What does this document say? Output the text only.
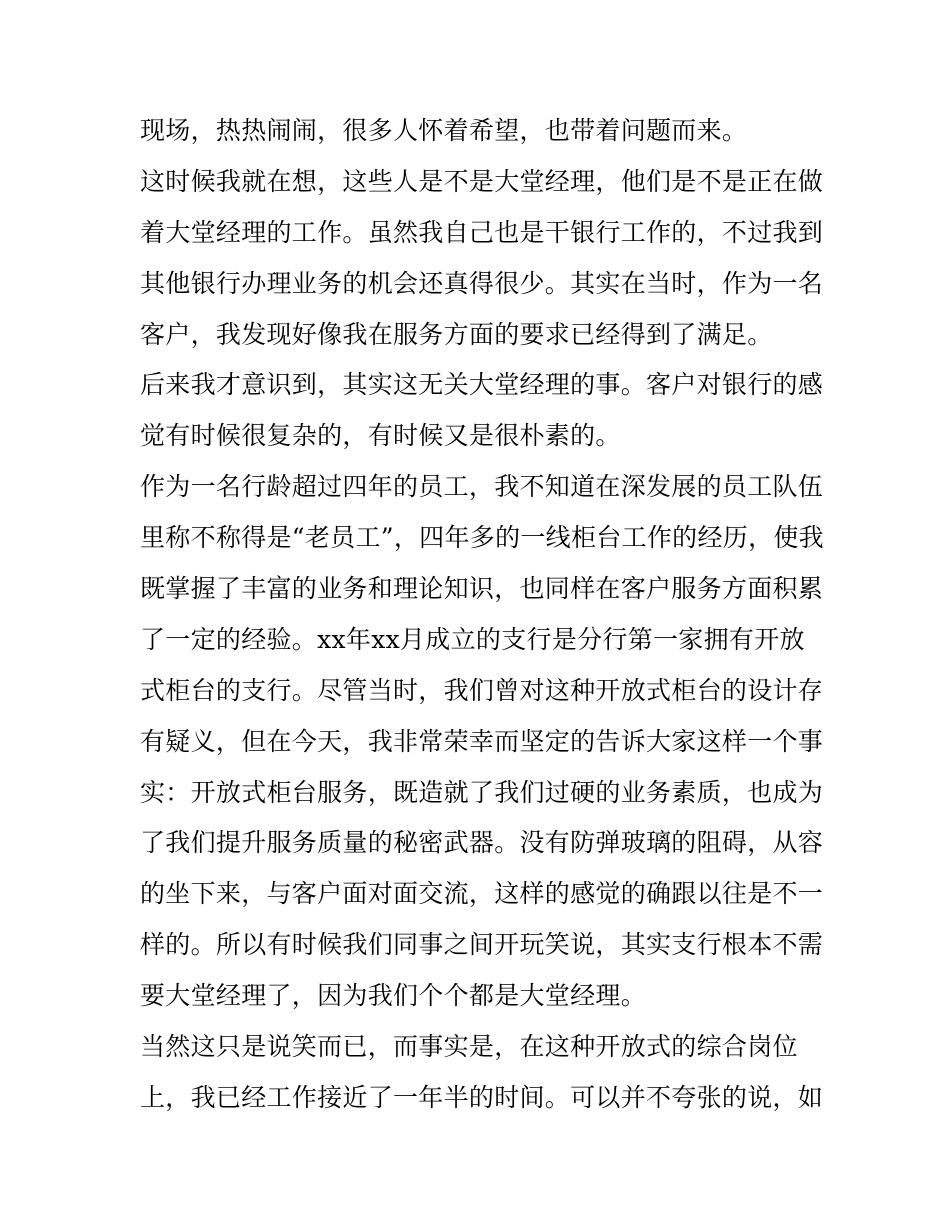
现场，热热闹闹，很多人怀着希望，也带着问题而来。
这时候我就在想，这些人是不是大堂经理，他们是不是正在做
着大堂经理的工作。虽然我自己也是干银行工作的，不过我到
其他银行办理业务的机会还真得很少。其实在当时，作为一名
客户，我发现好像我在服务方面的要求已经得到了满足。
后来我才意识到，其实这无关大堂经理的事。客户对银行的感
觉有时候很复杂的，有时候又是很朴素的。
作为一名行龄超过四年的员工，我不知道在深发展的员工队伍
里称不称得是“老员工”，四年多的一线柜台工作的经历，使我
既掌握了丰富的业务和理论知识，也同样在客户服务方面积累
了一定的经验。xx年xx月成立的支行是分行第一家拥有开放
式柜台的支行。尽管当时，我们曾对这种开放式柜台的设计存
有疑义，但在今天，我非常荣幸而坚定的告诉大家这样一个事
实：开放式柜台服务，既造就了我们过硬的业务素质，也成为
了我们提升服务质量的秘密武器。没有防弹玻璃的阻碍，从容
的坐下来，与客户面对面交流，这样的感觉的确跟以往是不一
样的。所以有时候我们同事之间开玩笑说，其实支行根本不需
要大堂经理了，因为我们个个都是大堂经理。
当然这只是说笑而已，而事实是，在这种开放式的综合岗位
上，我已经工作接近了一年半的时间。可以并不夸张的说，如
